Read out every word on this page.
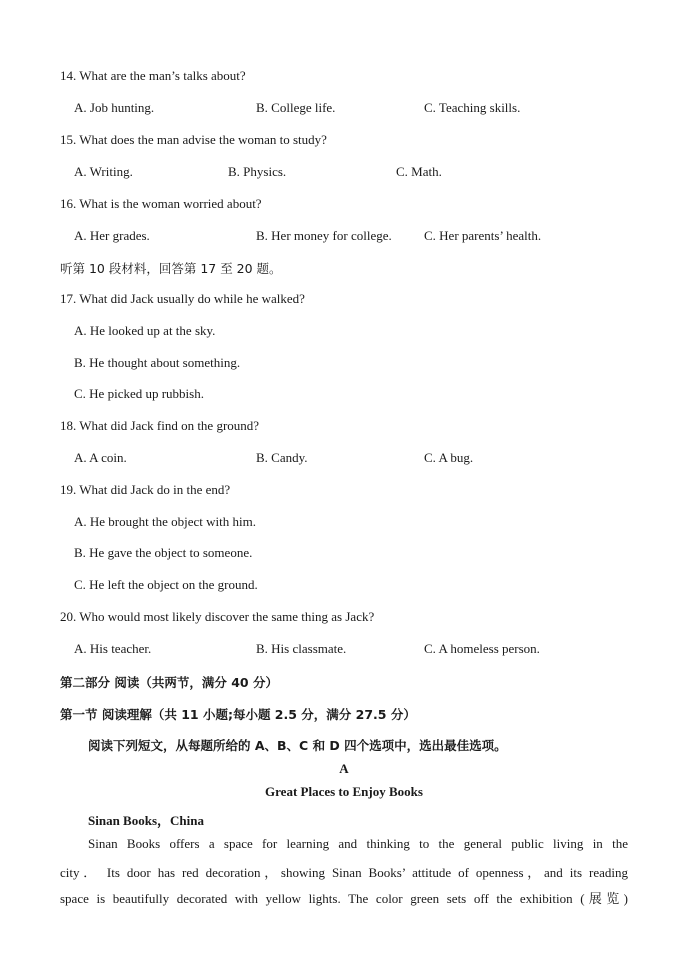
14. What are the man’s talks about?
A. Job hunting.	B. College life.	C. Teaching skills.
15. What does the man advise the woman to study?
A. Writing.	B. Physics.	C. Math.
16. What is the woman worried about?
A. Her grades.	B. Her money for college. C. Her parents’ health.
听第 10 段材料，回答第 17 至 20 题。
17. What did Jack usually do while he walked?
A. He looked up at the sky.
B. He thought about something.
C. He picked up rubbish.
18. What did Jack find on the ground?
A. A coin.	B. Candy.	C. A bug.
19. What did Jack do in the end?
A. He brought the object with him.
B. He gave the object to someone.
C. He left the object on the ground.
20. Who would most likely discover the same thing as Jack?
A. His teacher.	B. His classmate.	C. A homeless person.
第二部分 阅读（共两节，满分 40 分）
第一节 阅读理解（共 11 小题;每小题 2.5 分，满分 27.5 分）
阅读下列短文，从每题所给的 A、B、C 和 D 四个选项中，选出最佳选项。
A
Great Places to Enjoy Books
Sinan Books，China
Sinan Books offers a space for learning and thinking to the general public living in the
city． Its door has red decoration，showing Sinan Books’ attitude of openness，and its reading
space is beautifully decorated with yellow lights. The color green sets off the exhibition (展览)
